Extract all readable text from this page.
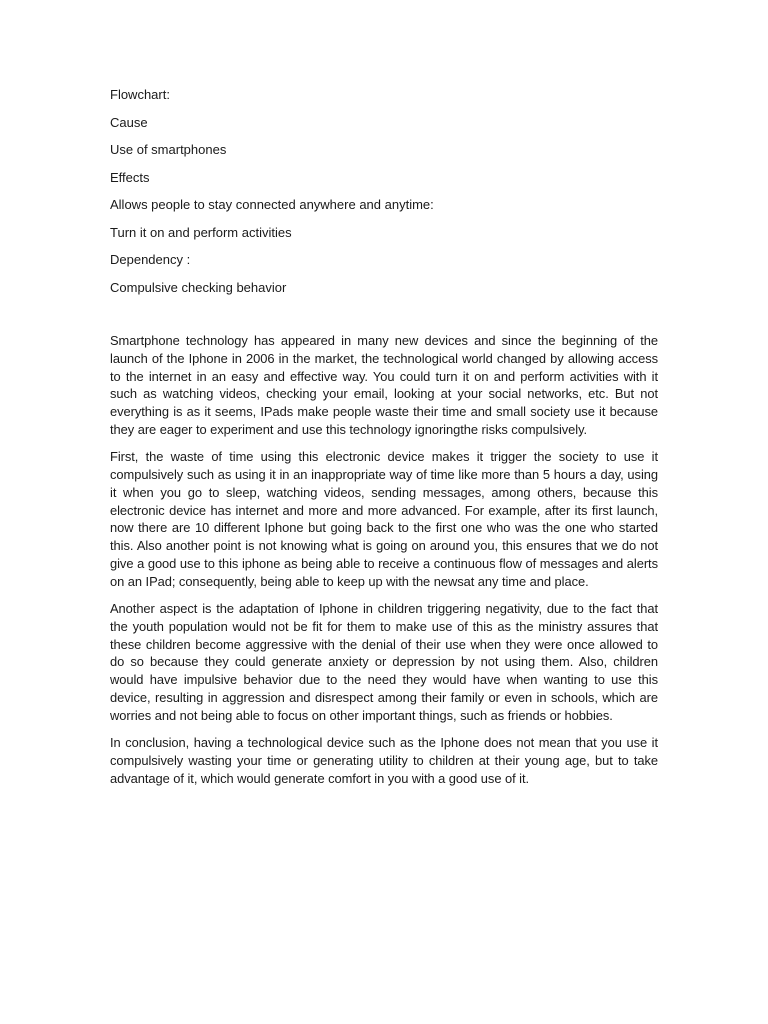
Flowchart:
Cause
Use of smartphones
Effects
Allows people to stay connected anywhere and anytime:
Turn it on and perform activities
Dependency :
Compulsive checking behavior

Smartphone technology has appeared in many new devices and since the beginning of the launch of the Iphone in 2006 in the market, the technological world changed by allowing access to the internet in an easy and effective way. You could turn it on and perform activities with it such as watching videos, checking your email, looking at your social networks, etc. But not everything is as it seems, IPads make people waste their time and small society use it because they are eager to experiment and use this technology ignoringthe risks compulsively.

First, the waste of time using this electronic device makes it trigger the society to use it compulsively such as using it in an inappropriate way of time like more than 5 hours a day, using it when you go to sleep, watching videos, sending messages, among others, because this electronic device has internet and more and more advanced. For example, after its first launch, now there are 10 different Iphone but going back to the first one who was the one who started this. Also another point is not knowing what is going on around you, this ensures that we do not give a good use to this iphone as being able to receive a continuous flow of messages and alerts on an IPad; consequently, being able to keep up with the newsat any time and place.

Another aspect is the adaptation of Iphone in children triggering negativity, due to the fact that the youth population would not be fit for them to make use of this as the ministry assures that these children become aggressive with the denial of their use when they were once allowed to do so because they could generate anxiety or depression by not using them. Also, children would have impulsive behavior due to the need they would have when wanting to use this device, resulting in aggression and disrespect among their family or even in schools, which are worries and not being able to focus on other important things, such as friends or hobbies.

In conclusion, having a technological device such as the Iphone does not mean that you use it compulsively wasting your time or generating utility to children at their young age, but to take advantage of it, which would generate comfort in you with a good use of it.
